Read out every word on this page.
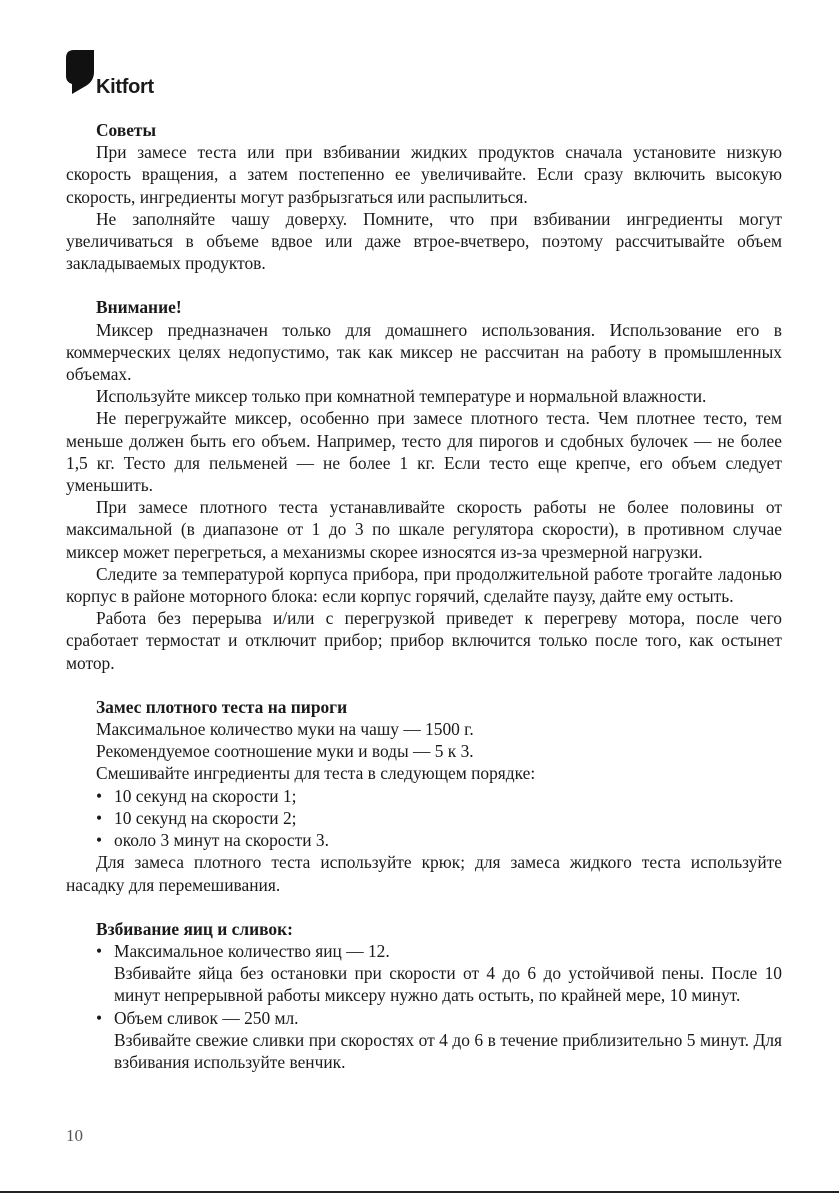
Kitfort

Советы

При замесе теста или при взбивании жидких продуктов сначала установите низкую скорость вращения, а затем постепенно ее увеличивайте. Если сразу включить высокую скорость, ингредиенты могут разбрызгаться или распылиться.

Не заполняйте чашу доверху. Помните, что при взбивании ингредиенты могут увеличиваться в объеме вдвое или даже втрое-вчетверо, поэтому рассчитывайте объем закладываемых продуктов.

Внимание!

Миксер предназначен только для домашнего использования. Использование его в коммерческих целях недопустимо, так как миксер не рассчитан на работу в промышленных объемах.

Используйте миксер только при комнатной температуре и нормальной влажности.

Не перегружайте миксер, особенно при замесе плотного теста. Чем плотнее тесто, тем меньше должен быть его объем. Например, тесто для пирогов и сдобных булочек — не более 1,5 кг. Тесто для пельменей — не более 1 кг. Если тесто еще крепче, его объем следует уменьшить.

При замесе плотного теста устанавливайте скорость работы не более половины от максимальной (в диапазоне от 1 до 3 по шкале регулятора скорости), в противном случае миксер может перегреться, а механизмы скорее износятся из-за чрезмерной нагрузки.

Следите за температурой корпуса прибора, при продолжительной работе трогайте ладонью корпус в районе моторного блока: если корпус горячий, сделайте паузу, дайте ему остыть.

Работа без перерыва и/или с перегрузкой приведет к перегреву мотора, после чего сработает термостат и отключит прибор; прибор включится только после того, как остынет мотор.

Замес плотного теста на пироги

Максимальное количество муки на чашу — 1500 г.

Рекомендуемое соотношение муки и воды — 5 к 3.

Смешивайте ингредиенты для теста в следующем порядке:

• 10 секунд на скорости 1;
• 10 секунд на скорости 2;
• около 3 минут на скорости 3.

Для замеса плотного теста используйте крюк; для замеса жидкого теста используйте насадку для перемешивания.

Взбивание яиц и сливок:

• Максимальное количество яиц — 12.

Взбивайте яйца без остановки при скорости от 4 до 6 до устойчивой пены. После 10 минут непрерывной работы миксеру нужно дать остыть, по крайней мере, 10 минут.

• Объем сливок — 250 мл.

Взбивайте свежие сливки при скоростях от 4 до 6 в течение приблизительно 5 минут. Для взбивания используйте венчик.

10
